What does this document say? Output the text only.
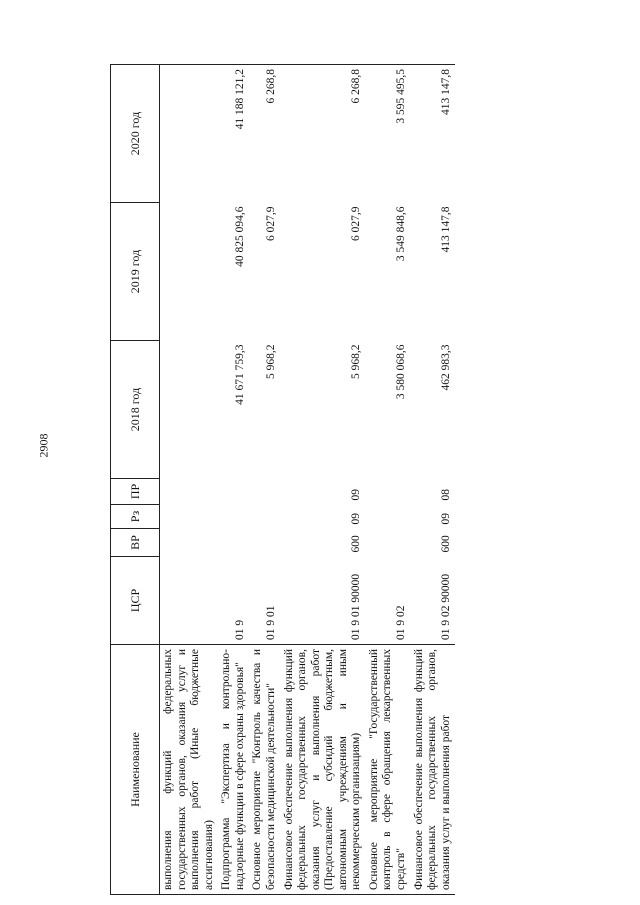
2908
Наименование	ЦСР	ВР	Рз	ПР	2018 год	2019 год	2020 год
выполнения функций федеральных государственных органов, оказания услуг и выполнения работ (Иные бюджетные ассигнования)							
Подпрограмма "Экспертиза и контрольно-надзорные функции в сфере охраны здоровья"	01 9				41 671 759,3	40 825 094,6	41 188 121,2
Основное мероприятие "Контроль качества и безопасности медицинской деятельности"	01 9 01				5 968,2	6 027,9	6 268,8
Финансовое обеспечение выполнения функций федеральных государственных органов, оказания услуг и выполнения работ (Предоставление субсидий бюджетным, автономным учреждениям и иным некоммерческим организациям)	01 9 01 90000	600	09	09	5 968,2	6 027,9	6 268,8
Основное мероприятие "Государственный контроль в сфере обращения лекарственных средств"	01 9 02				3 580 068,6	3 549 848,6	3 595 495,5
Финансовое обеспечение выполнения функций федеральных государственных органов, оказания услуг и выполнения работ	01 9 02 90000	600	09	08	462 983,3	413 147,8	413 147,8
